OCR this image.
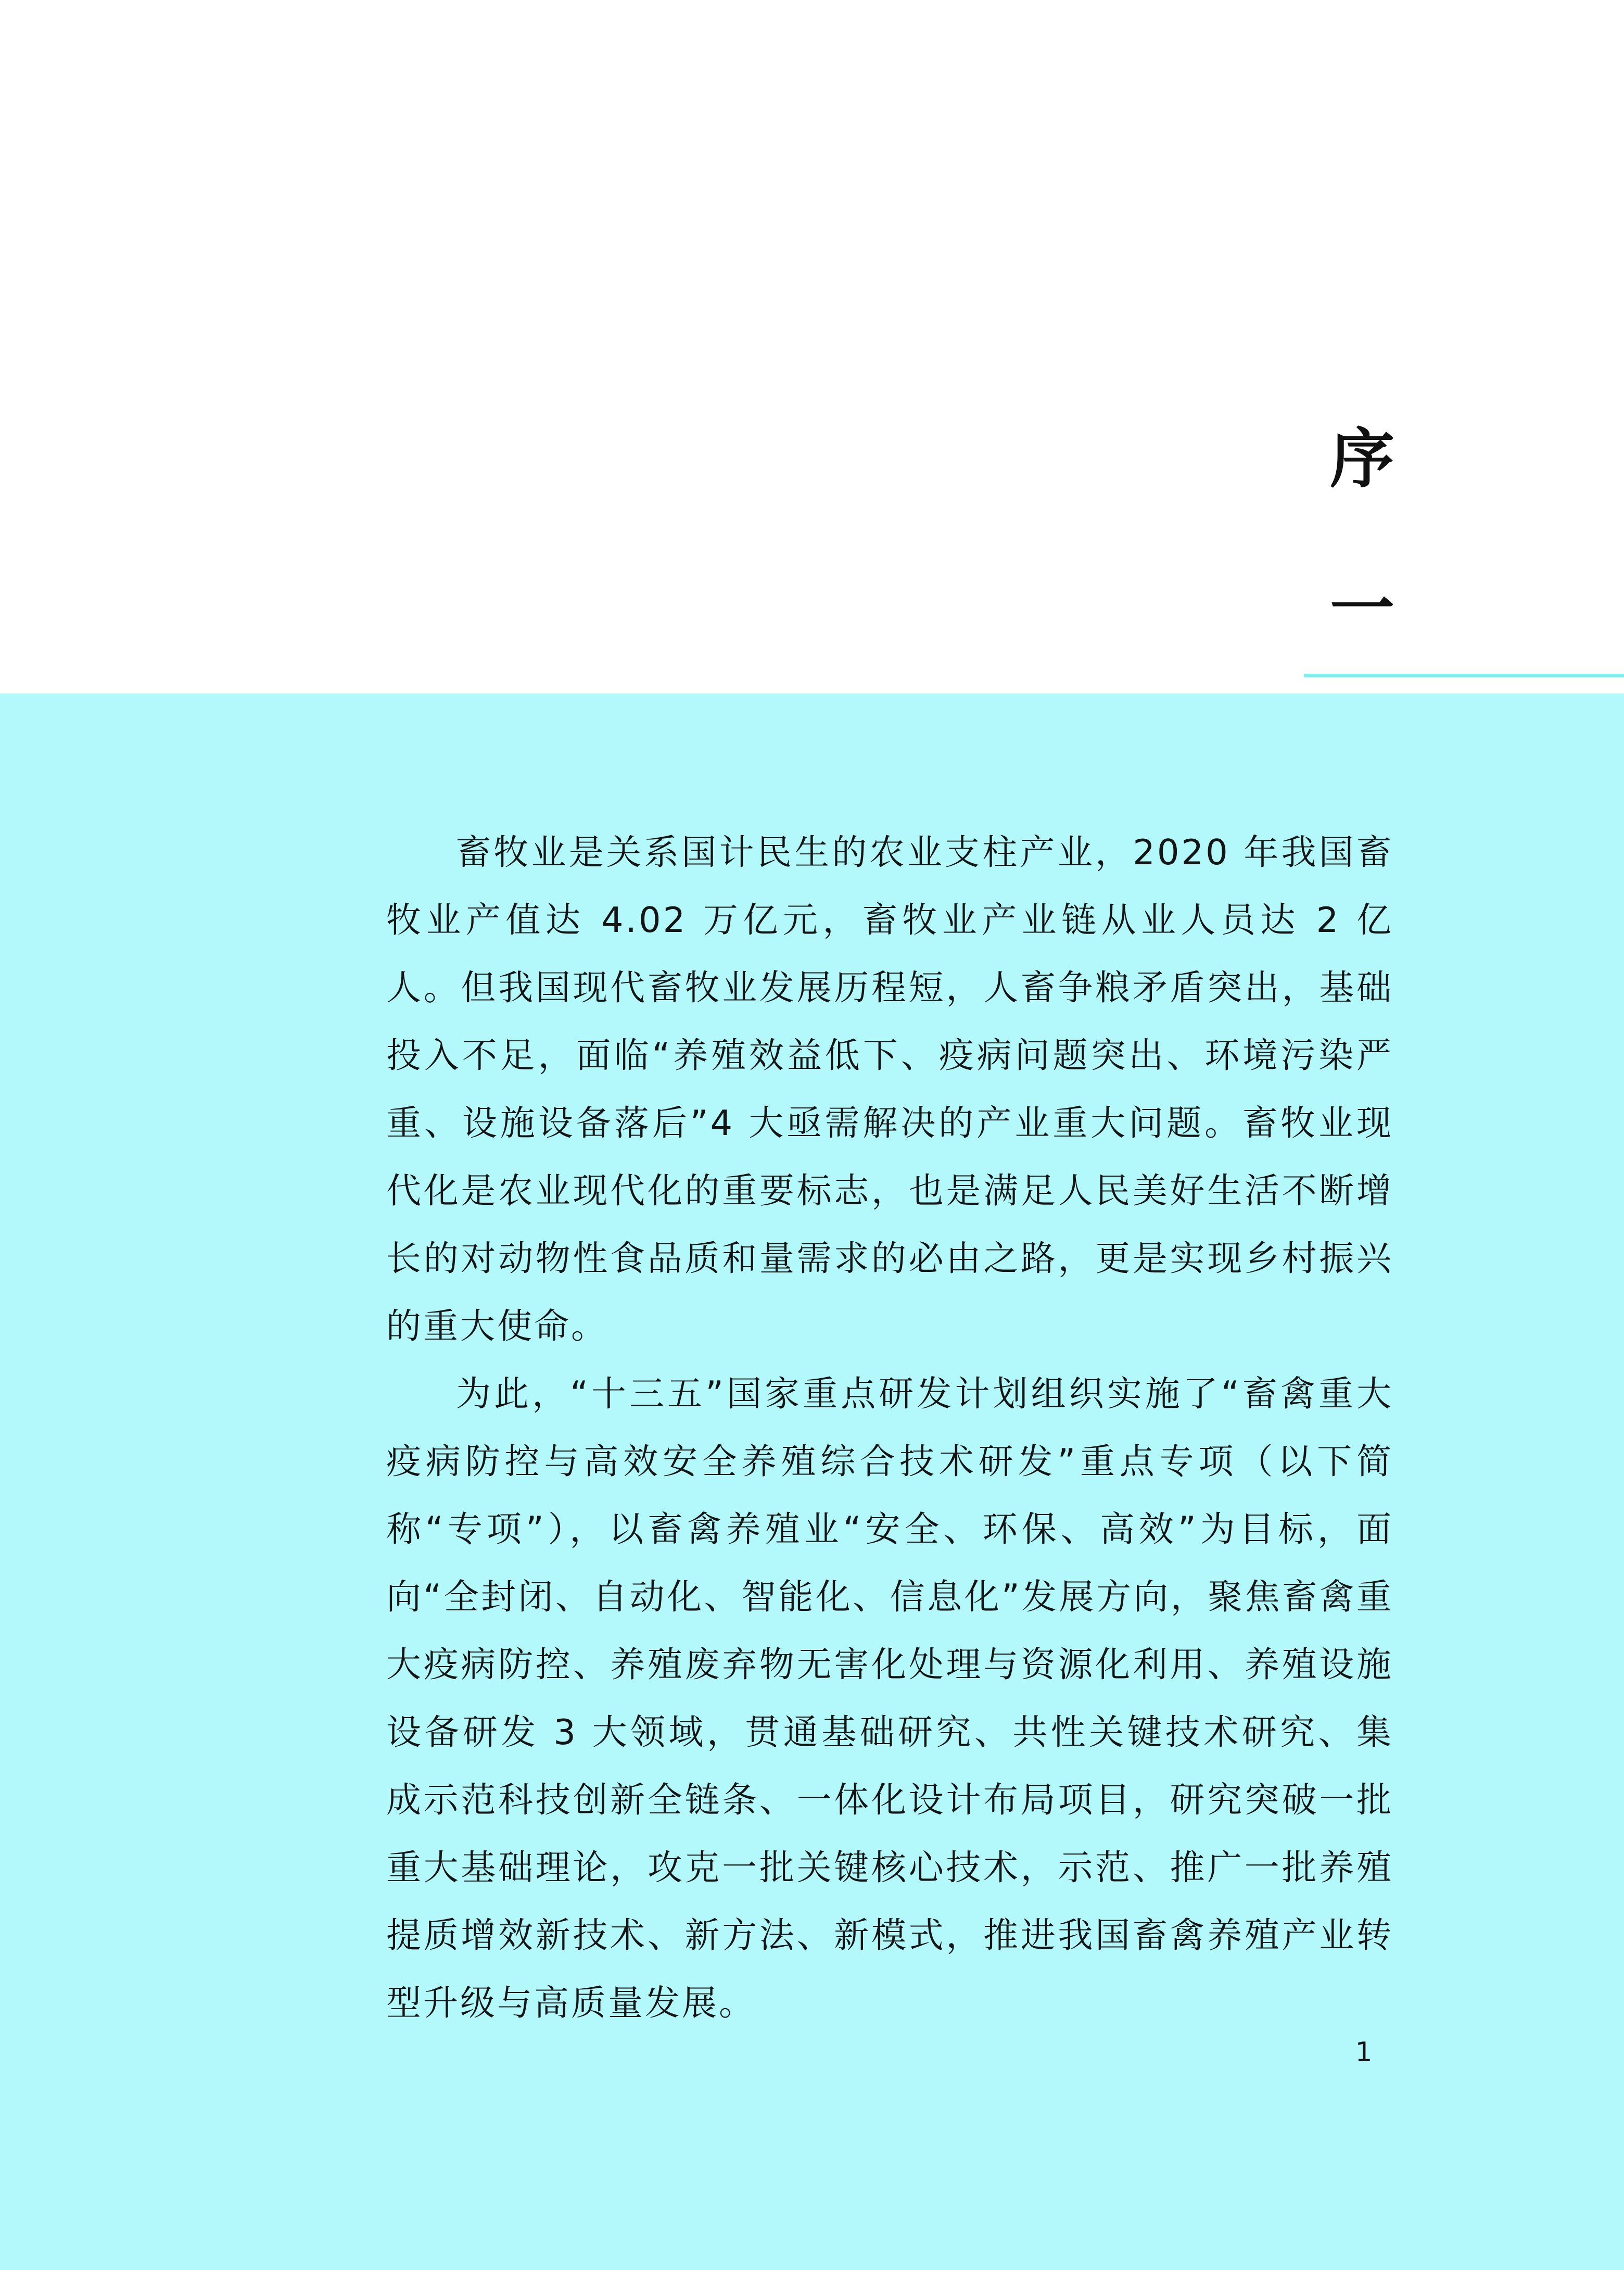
序
一

畜牧业是关系国计民生的农业支柱产业，2020 年我国畜牧业产值达 4.02 万亿元，畜牧业产业链从业人员达 2 亿人。但我国现代畜牧业发展历程短，人畜争粮矛盾突出，基础投入不足，面临“养殖效益低下、疫病问题突出、环境污染严重、设施设备落后”4 大亟需解决的产业重大问题。畜牧业现代化是农业现代化的重要标志，也是满足人民美好生活不断增长的对动物性食品质和量需求的必由之路，更是实现乡村振兴的重大使命。

为此，“十三五”国家重点研发计划组织实施了“畜禽重大疫病防控与高效安全养殖综合技术研发”重点专项（以下简称“专项”），以畜禽养殖业“安全、环保、高效”为目标，面向“全封闭、自动化、智能化、信息化”发展方向，聚焦畜禽重大疫病防控、养殖废弃物无害化处理与资源化利用、养殖设施设备研发 3 大领域，贯通基础研究、共性关键技术研究、集成示范科技创新全链条、一体化设计布局项目，研究突破一批重大基础理论，攻克一批关键核心技术，示范、推广一批养殖提质增效新技术、新方法、新模式，推进我国畜禽养殖产业转型升级与高质量发展。

1
